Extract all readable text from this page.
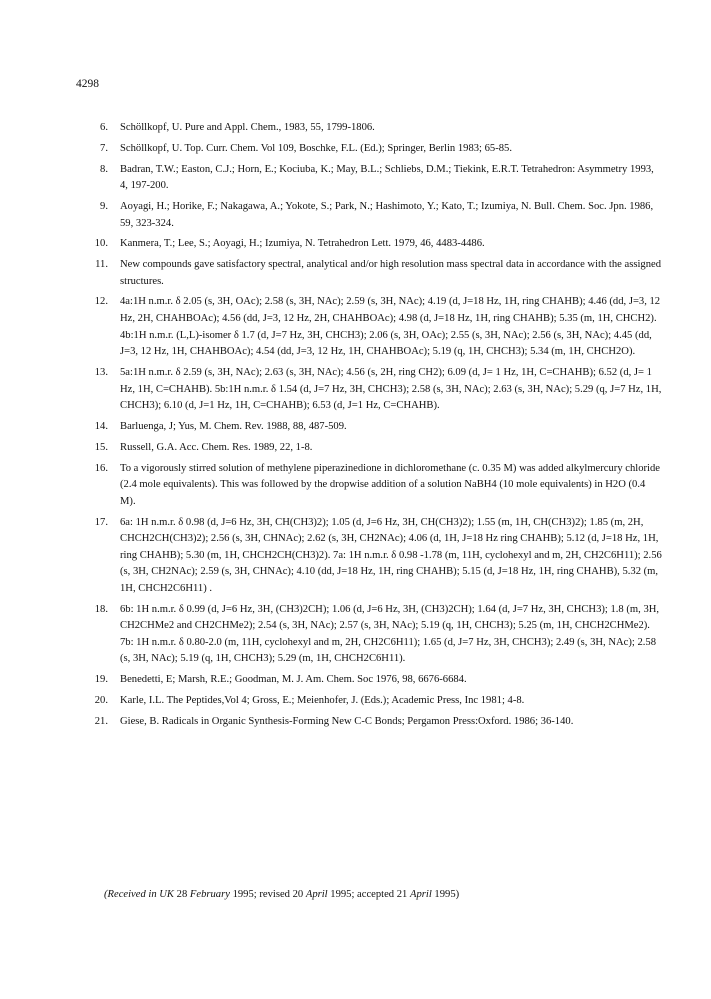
4298
6. Schöllkopf, U. Pure and Appl. Chem., 1983, 55, 1799-1806.
7. Schöllkopf, U. Top. Curr. Chem. Vol 109, Boschke, F.L. (Ed.); Springer, Berlin 1983; 65-85.
8. Badran, T.W.; Easton, C.J.; Horn, E.; Kociuba, K.; May, B.L.; Schliebs, D.M.; Tiekink, E.R.T. Tetrahedron: Asymmetry 1993, 4, 197-200.
9. Aoyagi, H.; Horike, F.; Nakagawa, A.; Yokote, S.; Park, N.; Hashimoto, Y.; Kato, T.; Izumiya, N. Bull. Chem. Soc. Jpn. 1986, 59, 323-324.
10. Kanmera, T.; Lee, S.; Aoyagi, H.; Izumiya, N. Tetrahedron Lett. 1979, 46, 4483-4486.
11. New compounds gave satisfactory spectral, analytical and/or high resolution mass spectral data in accordance with the assigned structures.
12. 4a:1H n.m.r. δ 2.05 (s, 3H, OAc); 2.58 (s, 3H, NAc); 2.59 (s, 3H, NAc); 4.19 (d, J=18 Hz, 1H, ring CHAHB); 4.46 (dd, J=3, 12 Hz, 2H, CHAHBOAc); 4.56 (dd, J=3, 12 Hz, 2H, CHAHBOAc); 4.98 (d, J=18 Hz, 1H, ring CHAHB); 5.35 (m, 1H, CHCH2). 4b:1H n.m.r. (L,L)-isomer δ 1.7 (d, J=7 Hz, 3H, CHCH3); 2.06 (s, 3H, OAc); 2.55 (s, 3H, NAc); 2.56 (s, 3H, NAc); 4.45 (dd, J=3, 12 Hz, 1H, CHAHBOAc); 4.54 (dd, J=3, 12 Hz, 1H, CHAHBOAc); 5.19 (q, 1H, CHCH3); 5.34 (m, 1H, CHCH2O).
13. 5a:1H n.m.r. δ 2.59 (s, 3H, NAc); 2.63 (s, 3H, NAc); 4.56 (s, 2H, ring CH2); 6.09 (d, J= 1 Hz, 1H, C=CHAHB); 6.52 (d, J= 1 Hz, 1H, C=CHAHB). 5b:1H n.m.r. δ 1.54 (d, J=7 Hz, 3H, CHCH3); 2.58 (s, 3H, NAc); 2.63 (s, 3H, NAc); 5.29 (q, J=7 Hz, 1H, CHCH3); 6.10 (d, J=1 Hz, 1H, C=CHAHB); 6.53 (d, J=1 Hz, C=CHAHB).
14. Barluenga, J; Yus, M. Chem. Rev. 1988, 88, 487-509.
15. Russell, G.A. Acc. Chem. Res. 1989, 22, 1-8.
16. To a vigorously stirred solution of methylene piperazinedione in dichloromethane (c. 0.35 M) was added alkylmercury chloride (2.4 mole equivalents). This was followed by the dropwise addition of a solution NaBH4 (10 mole equivalents) in H2O (0.4 M).
17. 6a: 1H n.m.r. δ 0.98 (d, J=6 Hz, 3H, CH(CH3)2); 1.05 (d, J=6 Hz, 3H, CH(CH3)2); 1.55 (m, 1H, CH(CH3)2); 1.85 (m, 2H, CHCH2CH(CH3)2); 2.56 (s, 3H, CHNAc); 2.62 (s, 3H, CH2NAc); 4.06 (d, 1H, J=18 Hz ring CHAHB); 5.12 (d, J=18 Hz, 1H, ring CHAHB); 5.30 (m, 1H, CHCH2CH(CH3)2). 7a: 1H n.m.r. δ 0.98 -1.78 (m, 11H, cyclohexyl and m, 2H, CH2C6H11); 2.56 (s, 3H, CH2NAc); 2.59 (s, 3H, CHNAc); 4.10 (dd, J=18 Hz, 1H, ring CHAHB); 5.15 (d, J=18 Hz, 1H, ring CHAHB), 5.32 (m, 1H, CHCH2C6H11) .
18. 6b: 1H n.m.r. δ 0.99 (d, J=6 Hz, 3H, (CH3)2CH); 1.06 (d, J=6 Hz, 3H, (CH3)2CH); 1.64 (d, J=7 Hz, 3H, CHCH3); 1.8 (m, 3H, CH2CHMe2 and CH2CHMe2); 2.54 (s, 3H, NAc); 2.57 (s, 3H, NAc); 5.19 (q, 1H, CHCH3); 5.25 (m, 1H, CHCH2CHMe2). 7b: 1H n.m.r. δ 0.80-2.0 (m, 11H, cyclohexyl and m, 2H, CH2C6H11); 1.65 (d, J=7 Hz, 3H, CHCH3); 2.49 (s, 3H, NAc); 2.58 (s, 3H, NAc); 5.19 (q, 1H, CHCH3); 5.29 (m, 1H, CHCH2C6H11).
19. Benedetti, E; Marsh, R.E.; Goodman, M. J. Am. Chem. Soc 1976, 98, 6676-6684.
20. Karle, I.L. The Peptides,Vol 4; Gross, E.; Meienhofer, J. (Eds.); Academic Press, Inc 1981; 4-8.
21. Giese, B. Radicals in Organic Synthesis-Forming New C-C Bonds; Pergamon Press:Oxford. 1986; 36-140.
(Received in UK 28 February 1995; revised 20 April 1995; accepted 21 April 1995)
